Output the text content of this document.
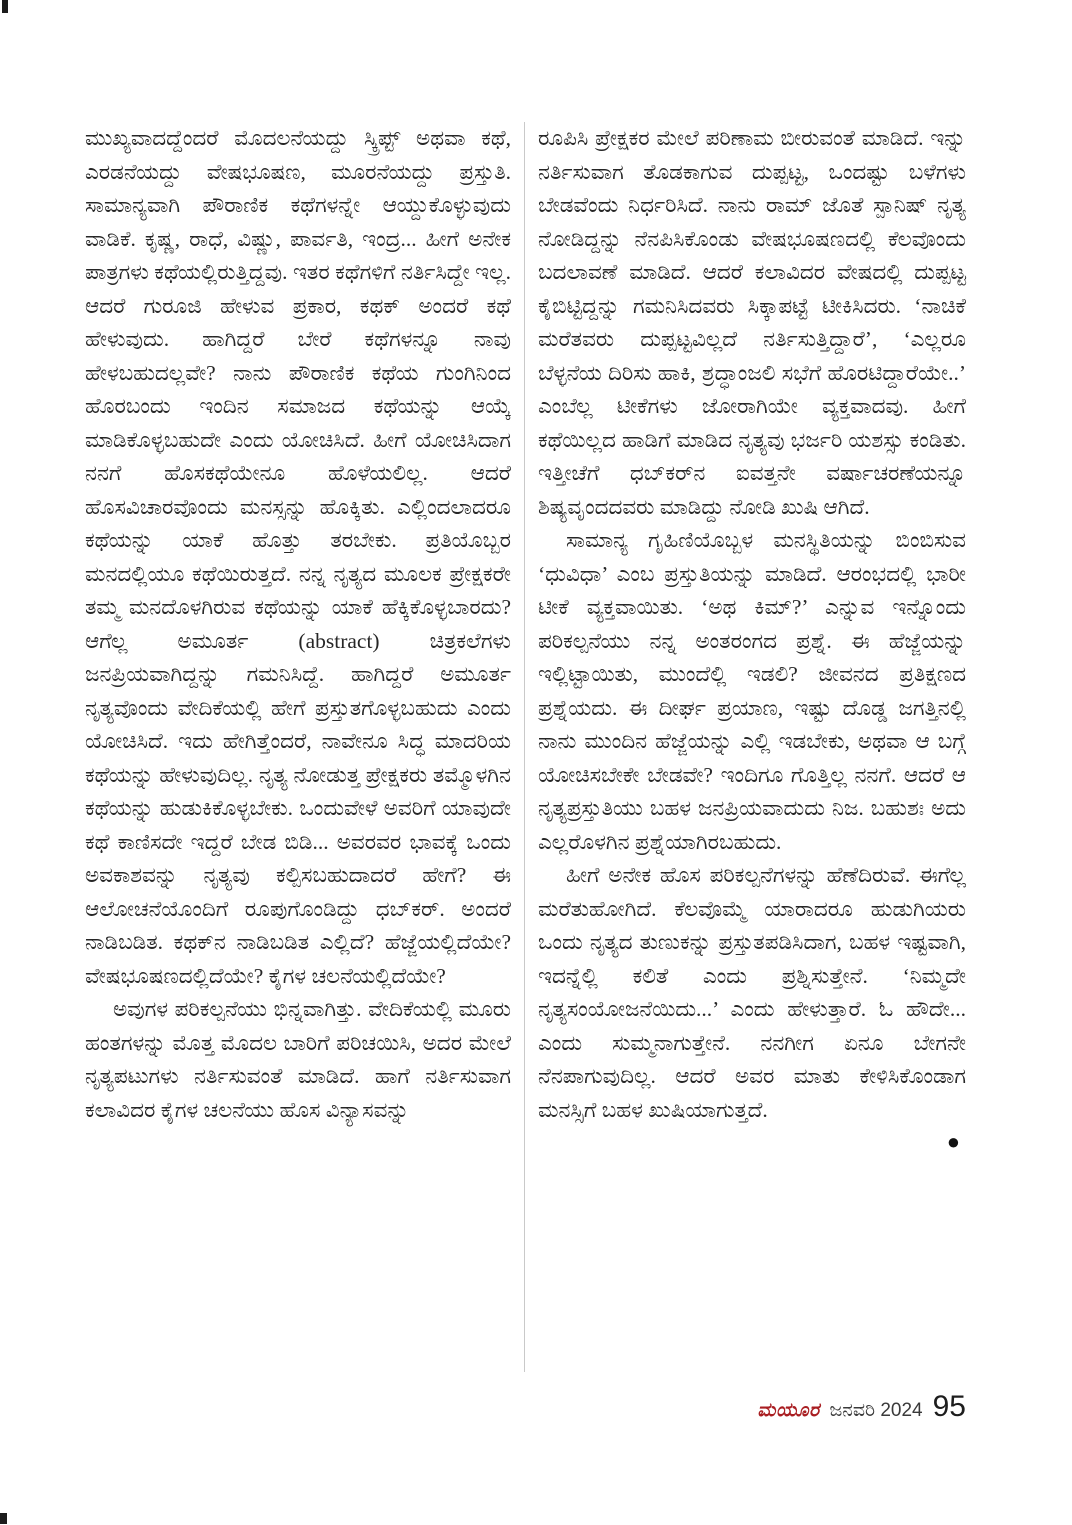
ಮುಖ್ಯವಾದದ್ದೆಂದರೆ ಮೊದಲನೆಯದ್ದು ಸ್ಕ್ರಿಪ್ಟ್ ಅಥವಾ ಕಥೆ, ಎರಡನೆಯದ್ದು ವೇಷಭೂಷಣ, ಮೂರನೆಯದ್ದು ಪ್ರಸ್ತುತಿ. ಸಾಮಾನ್ಯವಾಗಿ ಪೌರಾಣಿಕ ಕಥೆಗಳನ್ನೇ ಆಯ್ದುಕೊಳ್ಳುವುದು ವಾಡಿಕೆ. ಕೃಷ್ಣ, ರಾಧೆ, ವಿಷ್ಣು, ಪಾರ್ವತಿ, ಇಂದ್ರ... ಹೀಗೆ ಅನೇಕ ಪಾತ್ರಗಳು ಕಥೆಯಲ್ಲಿರುತ್ತಿದ್ದವು. ಇತರ ಕಥೆಗಳಿಗೆ ನರ್ತಿಸಿದ್ದೇ ಇಲ್ಲ. ಆದರೆ ಗುರೂಜಿ ಹೇಳುವ ಪ್ರಕಾರ, ಕಥಕ್ ಅಂದರೆ ಕಥೆ ಹೇಳುವುದು. ಹಾಗಿದ್ದರೆ ಬೇರೆ ಕಥೆಗಳನ್ನೂ ನಾವು ಹೇಳಬಹುದಲ್ಲವೇ? ನಾನು ಪೌರಾಣಿಕ ಕಥೆಯ ಗುಂಗಿನಿಂದ ಹೊರಬಂದು ಇಂದಿನ ಸಮಾಜದ ಕಥೆಯನ್ನು ಆಯ್ಕೆ ಮಾಡಿಕೊಳ್ಳಬಹುದೇ ಎಂದು ಯೋಚಿಸಿದೆ. ಹೀಗೆ ಯೋಚಿಸಿದಾಗ ನನಗೆ ಹೊಸಕಥೆಯೇನೂ ಹೊಳೆಯಲಿಲ್ಲ. ಆದರೆ ಹೊಸವಿಚಾರವೊಂದು ಮನಸ್ಸನ್ನು ಹೊಕ್ಕಿತು. ಎಲ್ಲಿಂದಲಾದರೂ ಕಥೆಯನ್ನು ಯಾಕೆ ಹೊತ್ತು ತರಬೇಕು. ಪ್ರತಿಯೊಬ್ಬರ ಮನದಲ್ಲಿಯೂ ಕಥೆಯಿರುತ್ತದೆ. ನನ್ನ ನೃತ್ಯದ ಮೂಲಕ ಪ್ರೇಕ್ಷಕರೇ ತಮ್ಮ ಮನದೊಳಗಿರುವ ಕಥೆಯನ್ನು ಯಾಕೆ ಹೆಕ್ಕಿಕೊಳ್ಳಬಾರದು? ಆಗೆಲ್ಲ ಅಮೂರ್ತ (abstract) ಚಿತ್ರಕಲೆಗಳು ಜನಪ್ರಿಯವಾಗಿದ್ದನ್ನು ಗಮನಿಸಿದ್ದೆ. ಹಾಗಿದ್ದರೆ ಅಮೂರ್ತ ನೃತ್ಯವೊಂದು ವೇದಿಕೆಯಲ್ಲಿ ಹೇಗೆ ಪ್ರಸ್ತುತಗೊಳ್ಳಬಹುದು ಎಂದು ಯೋಚಿಸಿದೆ. ಇದು ಹೇಗಿತ್ತೆಂದರೆ, ನಾವೇನೂ ಸಿದ್ಧ ಮಾದರಿಯ ಕಥೆಯನ್ನು ಹೇಳುವುದಿಲ್ಲ. ನೃತ್ಯ ನೋಡುತ್ತ ಪ್ರೇಕ್ಷಕರು ತಮ್ಮೊಳಗಿನ ಕಥೆಯನ್ನು ಹುಡುಕಿಕೊಳ್ಳಬೇಕು. ಒಂದುವೇಳೆ ಅವರಿಗೆ ಯಾವುದೇ ಕಥೆ ಕಾಣಿಸದೇ ಇದ್ದರೆ ಬೇಡ ಬಿಡಿ... ಅವರವರ ಭಾವಕ್ಕೆ ಒಂದು ಅವಕಾಶವನ್ನು ನೃತ್ಯವು ಕಲ್ಪಿಸಬಹುದಾದರೆ ಹೇಗೆ? ಈ ಆಲೋಚನೆಯೊಂದಿಗೆ ರೂಪುಗೊಂಡಿದ್ದು ಧಬ್‌ಕರ್. ಅಂದರೆ ನಾಡಿಬಡಿತ. ಕಥಕ್‌ನ ನಾಡಿಬಡಿತ ಎಲ್ಲಿದೆ? ಹೆಜ್ಜೆಯಲ್ಲಿದೆಯೇ? ವೇಷಭೂಷಣದಲ್ಲಿದೆಯೇ? ಕೈಗಳ ಚಲನೆಯಲ್ಲಿದೆಯೇ?

ಅವುಗಳ ಪರಿಕಲ್ಪನೆಯು ಭಿನ್ನವಾಗಿತ್ತು. ವೇದಿಕೆಯಲ್ಲಿ ಮೂರು ಹಂತಗಳನ್ನು ಮೊತ್ತ ಮೊದಲ ಬಾರಿಗೆ ಪರಿಚಯಿಸಿ, ಅದರ ಮೇಲೆ ನೃತ್ಯಪಟುಗಳು ನರ್ತಿಸುವಂತೆ ಮಾಡಿದೆ. ಹಾಗೆ ನರ್ತಿಸುವಾಗ ಕಲಾವಿದರ ಕೈಗಳ ಚಲನೆಯು ಹೊಸ ವಿನ್ಯಾಸವನ್ನು

ರೂಪಿಸಿ ಪ್ರೇಕ್ಷಕರ ಮೇಲೆ ಪರಿಣಾಮ ಬೀರುವಂತೆ ಮಾಡಿದೆ. ಇನ್ನು ನರ್ತಿಸುವಾಗ ತೊಡಕಾಗುವ ದುಪ್ಪಟ್ಟ, ಒಂದಷ್ಟು ಬಳೆಗಳು ಬೇಡವೆಂದು ನಿರ್ಧರಿಸಿದೆ. ನಾನು ರಾಮ್ ಜೊತೆ ಸ್ಪಾನಿಷ್ ನೃತ್ಯ ನೋಡಿದ್ದನ್ನು ನೆನಪಿಸಿಕೊಂಡು ವೇಷಭೂಷಣದಲ್ಲಿ ಕೆಲವೊಂದು ಬದಲಾವಣೆ ಮಾಡಿದೆ. ಆದರೆ ಕಲಾವಿದರ ವೇಷದಲ್ಲಿ ದುಪ್ಪಟ್ಟ ಕೈಬಿಟ್ಟಿದ್ದನ್ನು ಗಮನಿಸಿದವರು ಸಿಕ್ಕಾಪಟ್ಟೆ ಟೀಕಿಸಿದರು. ‘ನಾಚಿಕೆ ಮರೆತವರು ದುಪ್ಪಟ್ಟವಿಲ್ಲದೆ ನರ್ತಿಸುತ್ತಿದ್ದಾರೆ’, ‘ಎಲ್ಲರೂ ಬೆಳ್ಳನೆಯ ದಿರಿಸು ಹಾಕಿ, ಶ್ರದ್ಧಾಂಜಲಿ ಸಭೆಗೆ ಹೊರಟಿದ್ದಾರೆಯೇ..’ ಎಂಬೆಲ್ಲ ಟೀಕೆಗಳು ಜೋರಾಗಿಯೇ ವ್ಯಕ್ತವಾದವು. ಹೀಗೆ ಕಥೆಯಿಲ್ಲದ ಹಾಡಿಗೆ ಮಾಡಿದ ನೃತ್ಯವು ಭರ್ಜರಿ ಯಶಸ್ಸು ಕಂಡಿತು. ಇತ್ತೀಚೆಗೆ ಧಬ್‌ಕರ್‌ನ ಐವತ್ತನೇ ವರ್ಷಾಚರಣೆಯನ್ನೂ ಶಿಷ್ಯವೃಂದದವರು ಮಾಡಿದ್ದು ನೋಡಿ ಖುಷಿ ಆಗಿದೆ.

ಸಾಮಾನ್ಯ ಗೃಹಿಣಿಯೊಬ್ಬಳ ಮನಸ್ಥಿತಿಯನ್ನು ಬಿಂಬಿಸುವ ‘ಧುವಿಧಾ’ ಎಂಬ ಪ್ರಸ್ತುತಿಯನ್ನು ಮಾಡಿದೆ. ಆರಂಭದಲ್ಲಿ ಭಾರೀ ಟೀಕೆ ವ್ಯಕ್ತವಾಯಿತು. ‘ಅಥ ಕಿಮ್?’ ಎನ್ನುವ ಇನ್ನೊಂದು ಪರಿಕಲ್ಪನೆಯು ನನ್ನ ಅಂತರಂಗದ ಪ್ರಶ್ನೆ. ಈ ಹೆಜ್ಜೆಯನ್ನು ಇಲ್ಲಿಟ್ಟಾಯಿತು, ಮುಂದೆಲ್ಲಿ ಇಡಲಿ? ಜೀವನದ ಪ್ರತಿಕ್ಷಣದ ಪ್ರಶ್ನೆಯದು. ಈ ದೀರ್ಘ ಪ್ರಯಾಣ, ಇಷ್ಟು ದೊಡ್ಡ ಜಗತ್ತಿನಲ್ಲಿ ನಾನು ಮುಂದಿನ ಹೆಜ್ಜೆಯನ್ನು ಎಲ್ಲಿ ಇಡಬೇಕು, ಅಥವಾ ಆ ಬಗ್ಗೆ ಯೋಚಿಸಬೇಕೇ ಬೇಡವೇ? ಇಂದಿಗೂ ಗೊತ್ತಿಲ್ಲ ನನಗೆ. ಆದರೆ ಆ ನೃತ್ಯಪ್ರಸ್ತುತಿಯು ಬಹಳ ಜನಪ್ರಿಯವಾದುದು ನಿಜ. ಬಹುಶಃ ಅದು ಎಲ್ಲರೊಳಗಿನ ಪ್ರಶ್ನೆಯಾಗಿರಬಹುದು.

ಹೀಗೆ ಅನೇಕ ಹೊಸ ಪರಿಕಲ್ಪನೆಗಳನ್ನು ಹೆಣೆದಿರುವೆ. ಈಗೆಲ್ಲ ಮರೆತುಹೋಗಿದೆ. ಕೆಲವೊಮ್ಮೆ ಯಾರಾದರೂ ಹುಡುಗಿಯರು ಒಂದು ನೃತ್ಯದ ತುಣುಕನ್ನು ಪ್ರಸ್ತುತಪಡಿಸಿದಾಗ, ಬಹಳ ಇಷ್ಟವಾಗಿ, ಇದನ್ನೆಲ್ಲಿ ಕಲಿತೆ ಎಂದು ಪ್ರಶ್ನಿಸುತ್ತೇನೆ. ‘ನಿಮ್ಮದೇ ನೃತ್ಯಸಂಯೋಜನೆಯಿದು...’ ಎಂದು ಹೇಳುತ್ತಾರೆ. ಓ ಹೌದೇ... ಎಂದು ಸುಮ್ಮನಾಗುತ್ತೇನೆ. ನನಗೀಗ ಏನೂ ಬೇಗನೇ ನೆನಪಾಗುವುದಿಲ್ಲ. ಆದರೆ ಅವರ ಮಾತು ಕೇಳಿಸಿಕೊಂಡಾಗ ಮನಸ್ಸಿಗೆ ಬಹಳ ಖುಷಿಯಾಗುತ್ತದೆ.

●
ಮಯೂರ ಜನವರಿ 2024 95
